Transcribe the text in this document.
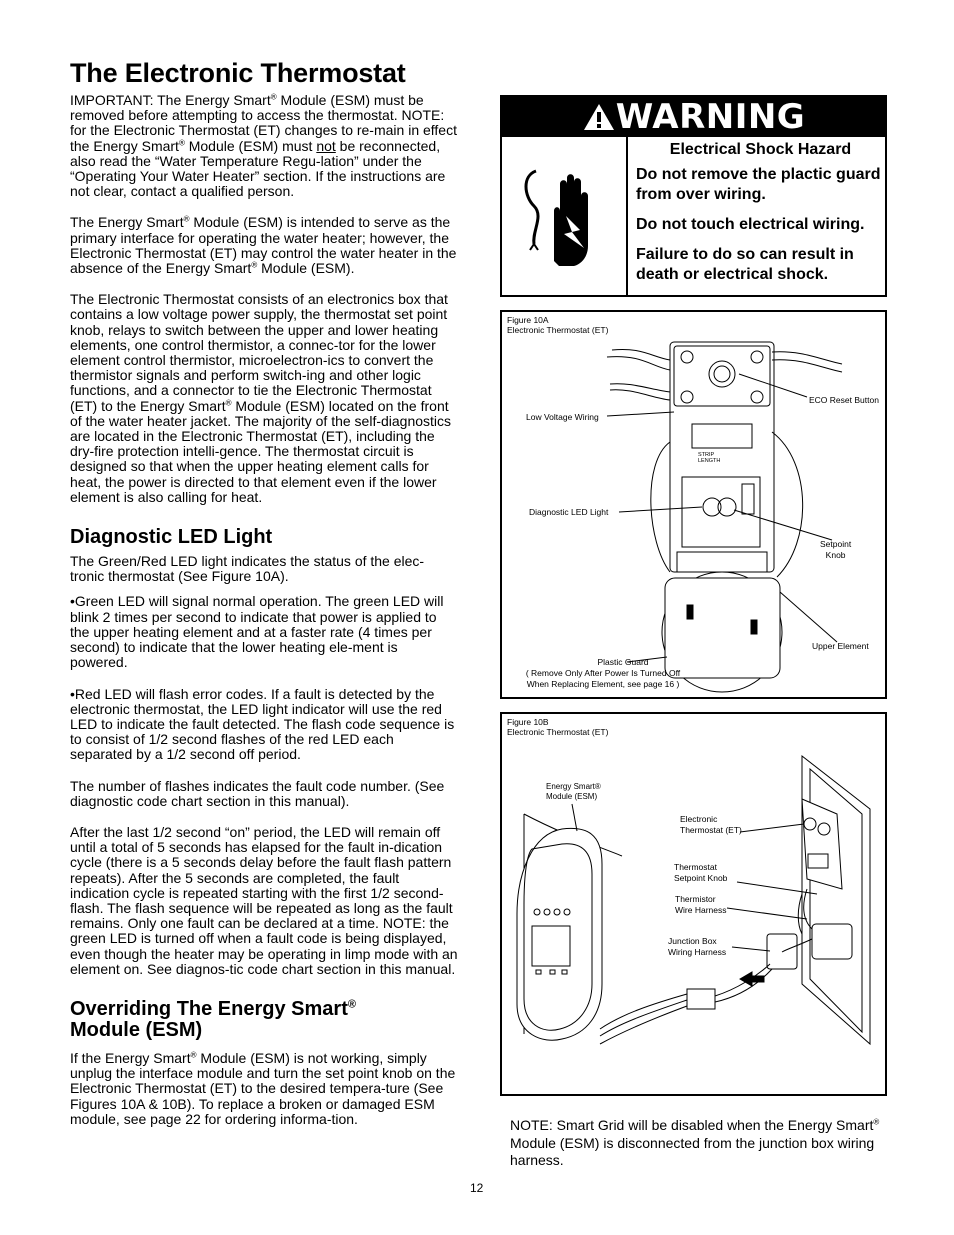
The Electronic Thermostat

IMPORTANT: The Energy Smart® Module (ESM) must be removed before attempting to access the thermostat. NOTE: for the Electronic Thermostat (ET) changes to re-main in effect the Energy Smart® Module (ESM) must not be reconnected, also read the “Water Temperature Regu-lation” under the “Operating Your Water Heater” section. If the instructions are not clear, contact a qualified person.

The Energy Smart® Module (ESM) is intended to serve as the primary interface for operating the water heater; however, the Electronic Thermostat (ET) may control the water heater in the absence of the Energy Smart® Module (ESM).

The Electronic Thermostat consists of an electronics box that contains a low voltage power supply, the thermostat set point knob, relays to switch between the upper and lower heating elements, one control thermistor, a connec-tor for the lower element control thermistor, microelectron-ics to convert the thermistor signals and perform switch-ing and other logic functions, and a connector to tie the Electronic Thermostat (ET) to the Energy Smart® Module (ESM) located on the front of the water heater jacket. The majority of the self-diagnostics are located in the Electronic Thermostat (ET), including the dry-fire protection intelli-gence. The thermostat circuit is designed so that when the upper heating element calls for heat, the power is directed to that element even if the lower element is also calling for heat.

Diagnostic LED Light

The Green/Red LED light indicates the status of the elec-tronic thermostat (See Figure 10A).

• Green LED will signal normal operation. The green LED will blink 2 times per second to indicate that power is applied to the upper heating element and at a faster rate (4 times per second) to indicate that the lower heating ele-ment is powered.

• Red LED will flash error codes. If a fault is detected by the electronic thermostat, the LED light indicator will use the red LED to indicate the fault detected. The flash code sequence is to consist of 1/2 second flashes of the red LED each separated by a 1/2 second off period.

The number of flashes indicates the fault code number. (See diagnostic code chart section in this manual).

After the last 1/2 second “on” period, the LED will remain off until a total of 5 seconds has elapsed for the fault in-dication cycle (there is a 5 seconds delay before the fault flash pattern repeats). After the 5 seconds are completed, the fault indication cycle is repeated starting with the first 1/2 second-flash. The flash sequence will be repeated as long as the fault remains. Only one fault can be declared at a time. NOTE: the green LED is turned off when a fault code is being displayed, even though the heater may be operating in limp mode with an element on. See diagnos-tic code chart section in this manual.

Overriding The Energy Smart®
Module (ESM)

If the Energy Smart® Module (ESM) is not working, simply unplug the interface module and turn the set point knob on the Electronic Thermostat (ET) to the desired tempera-ture (See Figures 10A & 10B). To replace a broken or damaged ESM module, see page 22 for ordering informa-tion.

WARNING
Electrical Shock Hazard
Do not remove the plactic guard from over wiring.
Do not touch electrical wiring.
Failure to do so can result in death or electrical shock.
Figure 10A
Electronic Thermostat (ET)
STRIP
LENGTH
ECO Reset Button
Low Voltage Wiring
Diagnostic LED Light
Setpoint
Knob
Upper Element
Plastic Guard
( Remove Only After Power Is Turned Off
When Replacing Element, see page 16 )
Figure 10B
Electronic Thermostat (ET)
Energy Smart®
Module (ESM)
Electronic
Thermostat (ET)
Thermostat
Setpoint Knob
Thermistor
Wire Harness
Junction Box
Wiring Harness
NOTE: Smart Grid will be disabled when the Energy Smart® Module (ESM) is disconnected from the junction box wiring harness.
12
